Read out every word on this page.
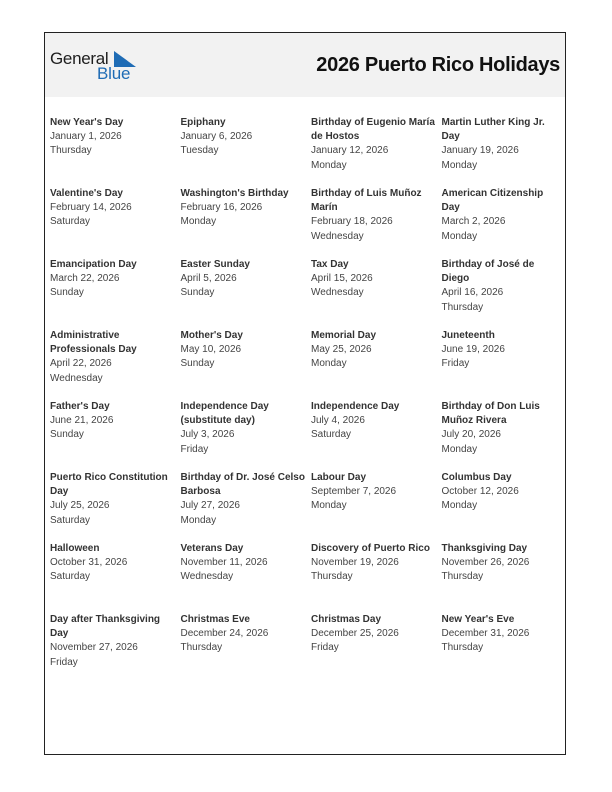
General
Blue	2026 Puerto Rico Holidays
New Year's Day
January 1, 2026
Thursday
Epiphany
January 6, 2026
Tuesday
Birthday of Eugenio María de Hostos
January 12, 2026
Monday
Martin Luther King Jr. Day
January 19, 2026
Monday
Valentine's Day
February 14, 2026
Saturday
Washington's Birthday
February 16, 2026
Monday
Birthday of Luis Muñoz Marín
February 18, 2026
Wednesday
American Citizenship Day
March 2, 2026
Monday
Emancipation Day
March 22, 2026
Sunday
Easter Sunday
April 5, 2026
Sunday
Tax Day
April 15, 2026
Wednesday
Birthday of José de Diego
April 16, 2026
Thursday
Administrative Professionals Day
April 22, 2026
Wednesday
Mother's Day
May 10, 2026
Sunday
Memorial Day
May 25, 2026
Monday
Juneteenth
June 19, 2026
Friday
Father's Day
June 21, 2026
Sunday
Independence Day (substitute day)
July 3, 2026
Friday
Independence Day
July 4, 2026
Saturday
Birthday of Don Luis Muñoz Rivera
July 20, 2026
Monday
Puerto Rico Constitution Day
July 25, 2026
Saturday
Birthday of Dr. José Celso Barbosa
July 27, 2026
Monday
Labour Day
September 7, 2026
Monday
Columbus Day
October 12, 2026
Monday
Halloween
October 31, 2026
Saturday
Veterans Day
November 11, 2026
Wednesday
Discovery of Puerto Rico
November 19, 2026
Thursday
Thanksgiving Day
November 26, 2026
Thursday
Day after Thanksgiving Day
November 27, 2026
Friday
Christmas Eve
December 24, 2026
Thursday
Christmas Day
December 25, 2026
Friday
New Year's Eve
December 31, 2026
Thursday
